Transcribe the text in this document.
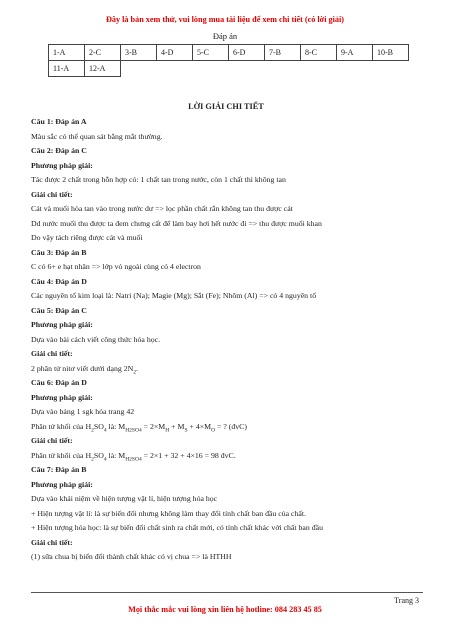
Đây là bản xem thử, vui lòng mua tài liệu để xem chi tiết (có lời giải)
Đáp án
1-A	2-C	3-B	4-D	5-C	6-D	7-B	8-C	9-A	10-B
11-A	12-A								

LỜI GIẢI CHI TIẾT

Câu 1: Đáp án A

Màu sắc có thể quan sát bằng mắt thường.

Câu 2: Đáp án C

Phương pháp giải:

Tác được 2 chất trong hỗn hợp có: 1 chất tan trong nước, còn 1 chất thì không tan

Giải chi tiết:

Cát và muối hòa tan vào trong nước dư => lọc phần chất rắn không tan thu được cát

Dd nước muối thu được ta đem chưng cất để làm bay hơi hết nước đi => thu được muối khan

Do vậy tách riêng được cát và muối

Câu 3: Đáp án B

C có 6+ e hạt nhân => lớp vỏ ngoài cùng có 4 electron

Câu 4: Đáp án D

Các nguyên tố kim loại là: Natri (Na); Magie (Mg); Sắt (Fe); Nhôm (Al) => có 4 nguyên tố

Câu 5: Đáp án C

Phương pháp giải:

Dựa vào bài cách viết công thức hóa học.

Giải chi tiết:

2 phân tử nitơ viết dưới dạng $2N_2$.

Câu 6: Đáp án D

Phương pháp giải:

Dựa vào bảng 1 sgk hóa trang 42

Phân tử khối của $H_2SO_4$ là: $M_{H2SO4} = 2\times M_H + M_S + 4\times M_O$ = ? (đvC)

Giải chi tiết:

Phân tử khối của $H_2SO_4$ là: $M_{H2SO4} = 2\times 1 + 32 + 4\times 16 = 98$ đvC.

Câu 7: Đáp án B

Phương pháp giải:

Dựa vào khái niệm về hiện tượng vật lí, hiện tượng hóa học

+ Hiện tượng vật lí: là sự biến đổi nhưng không làm thay đổi tính chất ban đầu của chất.

+ Hiện tượng hóa học: là sự biến đổi chất sinh ra chất mới, có tính chất khác với chất ban đầu

Giải chi tiết:

(1) sữa chua bị biến đổi thành chất khác có vị chua => là HTHH

Trang 3
Mọi thắc mắc vui lòng xin liên hệ hotline: 084 283 45 85
